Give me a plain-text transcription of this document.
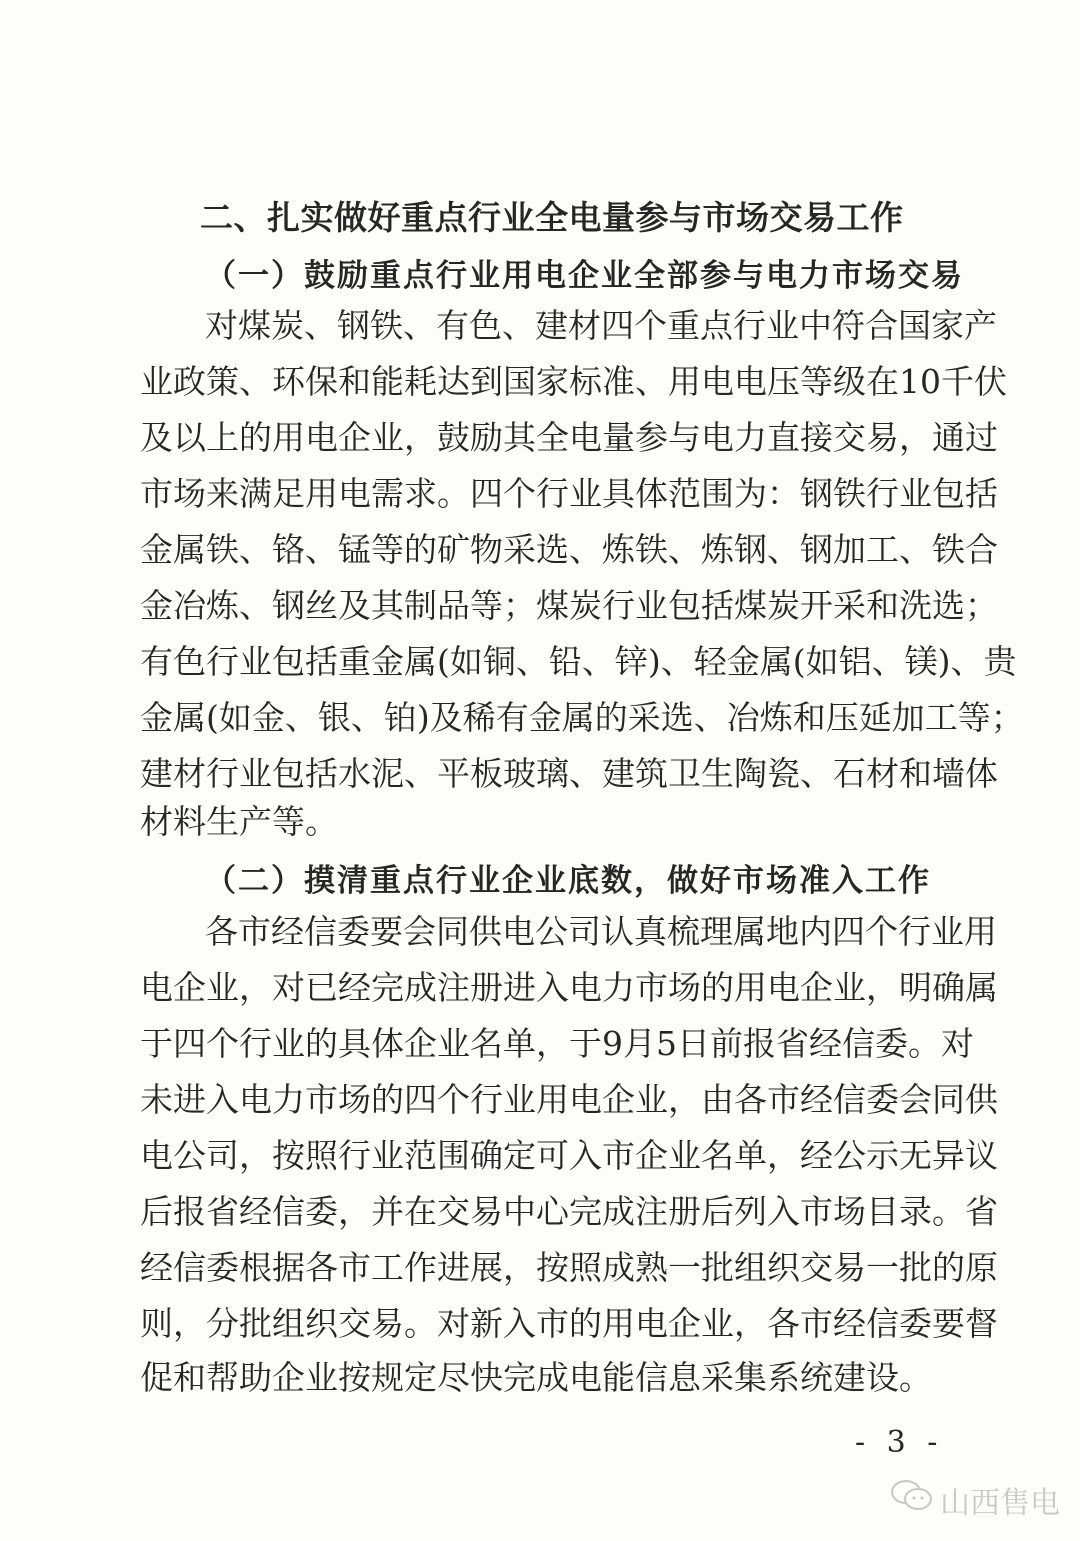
二、扎实做好重点行业全电量参与市场交易工作
（一）鼓励重点行业用电企业全部参与电力市场交易
对煤炭、钢铁、有色、建材四个重点行业中符合国家产
业政策、环保和能耗达到国家标准、用电电压等级在10千伏
及以上的用电企业，鼓励其全电量参与电力直接交易，通过
市场来满足用电需求。四个行业具体范围为：钢铁行业包括
金属铁、铬、锰等的矿物采选、炼铁、炼钢、钢加工、铁合
金冶炼、钢丝及其制品等；煤炭行业包括煤炭开采和洗选；
有色行业包括重金属(如铜、铅、锌)、轻金属(如铝、镁)、贵
金属(如金、银、铂)及稀有金属的采选、冶炼和压延加工等；
建材行业包括水泥、平板玻璃、建筑卫生陶瓷、石材和墙体
材料生产等。
（二）摸清重点行业企业底数，做好市场准入工作
各市经信委要会同供电公司认真梳理属地内四个行业用
电企业，对已经完成注册进入电力市场的用电企业，明确属
于四个行业的具体企业名单，于9月5日前报省经信委。对
未进入电力市场的四个行业用电企业，由各市经信委会同供
电公司，按照行业范围确定可入市企业名单，经公示无异议
后报省经信委，并在交易中心完成注册后列入市场目录。省
经信委根据各市工作进展，按照成熟一批组织交易一批的原
则，分批组织交易。对新入市的用电企业，各市经信委要督
促和帮助企业按规定尽快完成电能信息采集系统建设。
- 3 -
山西售电
